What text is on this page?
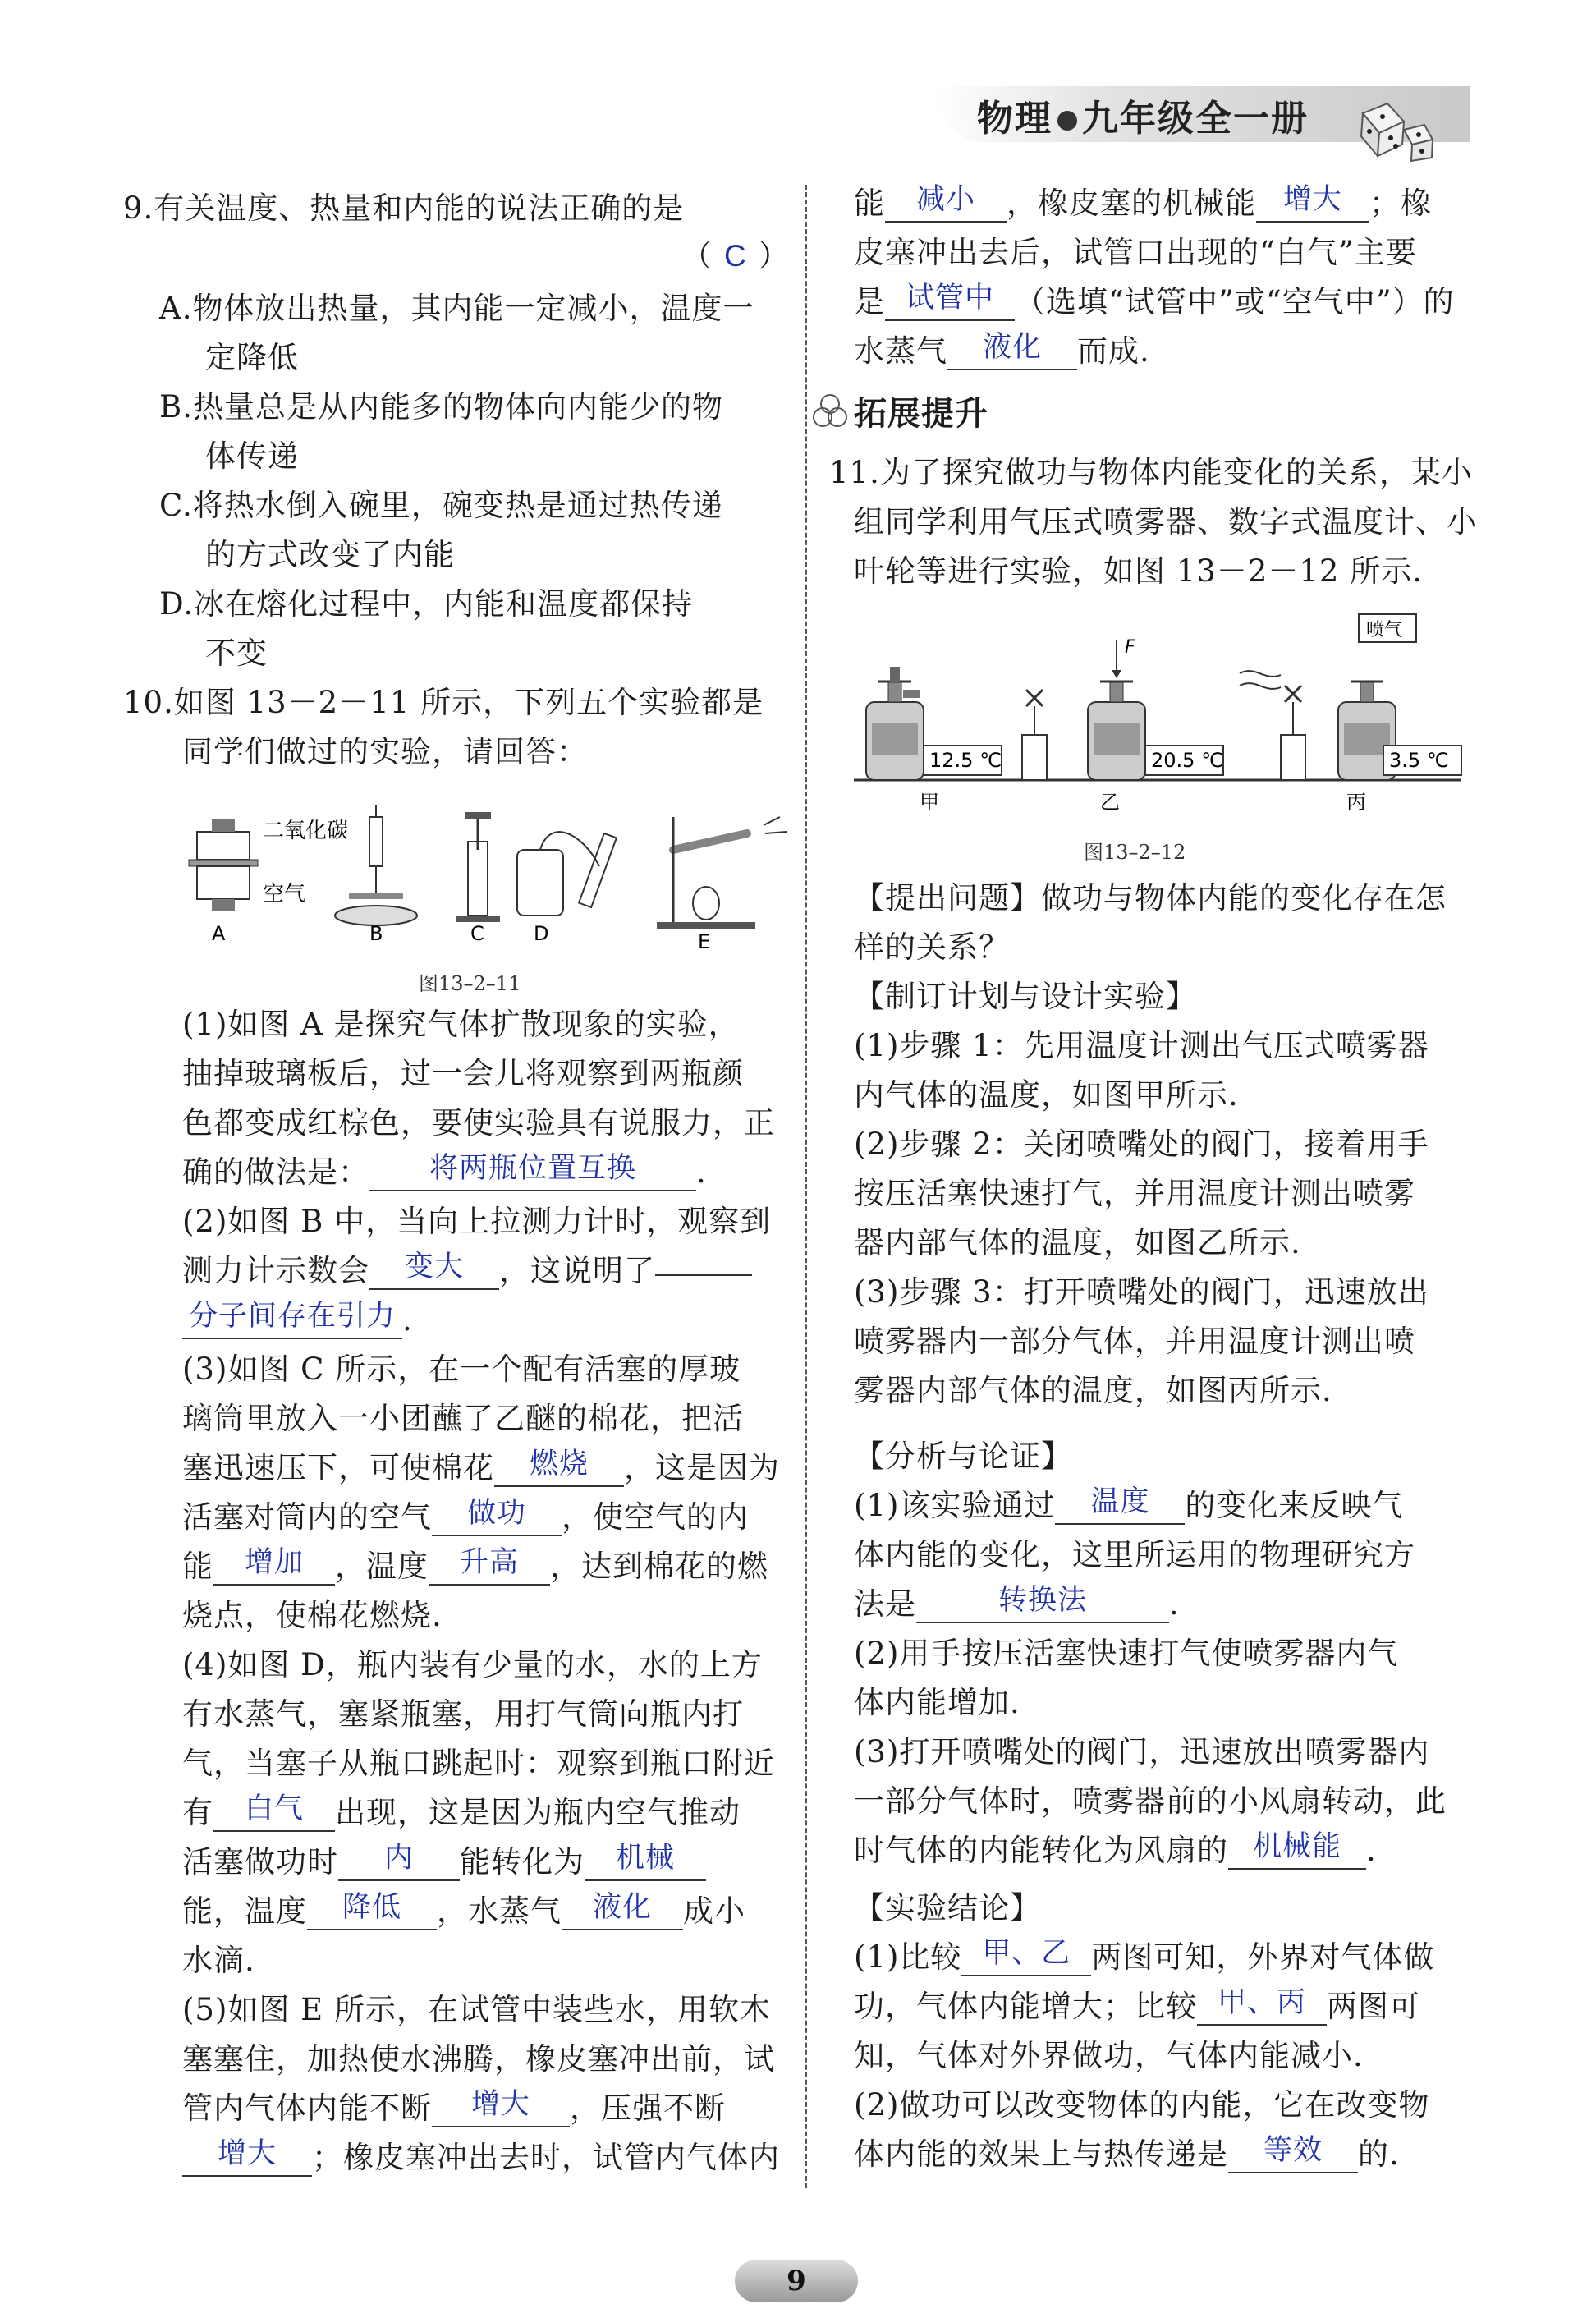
物理 九年级全一册
9.有关温度、热量和内能的说法正确的是
（ C ）
A.物体放出热量，其内能一定减小，温度一
定降低
B.热量总是从内能多的物体向内能少的物
体传递
C.将热水倒入碗里，碗变热是通过热传递
的方式改变了内能
D.冰在熔化过程中，内能和温度都保持
不变
10.如图 13－2－11 所示，下列五个实验都是
同学们做过的实验，请回答：
二氧化碳
空气
A	B	C	D	E
图13–2–11
(1)如图 A 是探究气体扩散现象的实验，
抽掉玻璃板后，过一会儿将观察到两瓶颜
色都变成红棕色，要使实验具有说服力，正
确的做法是： 将两瓶位置互换 .
(2)如图 B 中，当向上拉测力计时，观察到
测力计示数会 变大 ，这说明了
分子间存在引力 .
(3)如图 C 所示，在一个配有活塞的厚玻
璃筒里放入一小团蘸了乙醚的棉花，把活
塞迅速压下，可使棉花 燃烧 ，这是因为
活塞对筒内的空气 做功 ，使空气的内
能 增加 ，温度 升高 ，达到棉花的燃
烧点，使棉花燃烧.
(4)如图 D，瓶内装有少量的水，水的上方
有水蒸气，塞紧瓶塞，用打气筒向瓶内打
气，当塞子从瓶口跳起时：观察到瓶口附近
有 白气 出现，这是因为瓶内空气推动
活塞做功时 内 能转化为 机械
能，温度 降低 ，水蒸气 液化 成小
水滴.
(5)如图 E 所示，在试管中装些水，用软木
塞塞住，加热使水沸腾，橡皮塞冲出前，试
管内气体内能不断 增大 ，压强不断
增大 ；橡皮塞冲出去时，试管内气体内
能 减小 ，橡皮塞的机械能 增大 ；橡
皮塞冲出去后，试管口出现的“白气”主要
是 试管中 （选填“试管中”或“空气中”）的
水蒸气 液化 而成.
拓展提升
11.为了探究做功与物体内能变化的关系，某小
组同学利用气压式喷雾器、数字式温度计、小
叶轮等进行实验，如图 13－2－12 所示.
12.5 ℃
F
20.5 ℃
喷气
3.5 ℃
甲	乙	丙
图13–2–12
【提出问题】做功与物体内能的变化存在怎
样的关系？
【制订计划与设计实验】
(1)步骤 1：先用温度计测出气压式喷雾器
内气体的温度，如图甲所示.
(2)步骤 2：关闭喷嘴处的阀门，接着用手
按压活塞快速打气，并用温度计测出喷雾
器内部气体的温度，如图乙所示.
(3)步骤 3：打开喷嘴处的阀门，迅速放出
喷雾器内一部分气体，并用温度计测出喷
雾器内部气体的温度，如图丙所示.
【分析与论证】
(1)该实验通过 温度 的变化来反映气
体内能的变化，这里所运用的物理研究方
法是	转换法	.
(2)用手按压活塞快速打气使喷雾器内气
体内能增加.
(3)打开喷嘴处的阀门，迅速放出喷雾器内
一部分气体时，喷雾器前的小风扇转动，此
时气体的内能转化为风扇的 机械能 .
【实验结论】
(1)比较 甲、乙 两图可知，外界对气体做
功，气体内能增大；比较 甲、丙 两图可
知，气体对外界做功，气体内能减小.
(2)做功可以改变物体的内能，它在改变物
体内能的效果上与热传递是 等效 的.
9
